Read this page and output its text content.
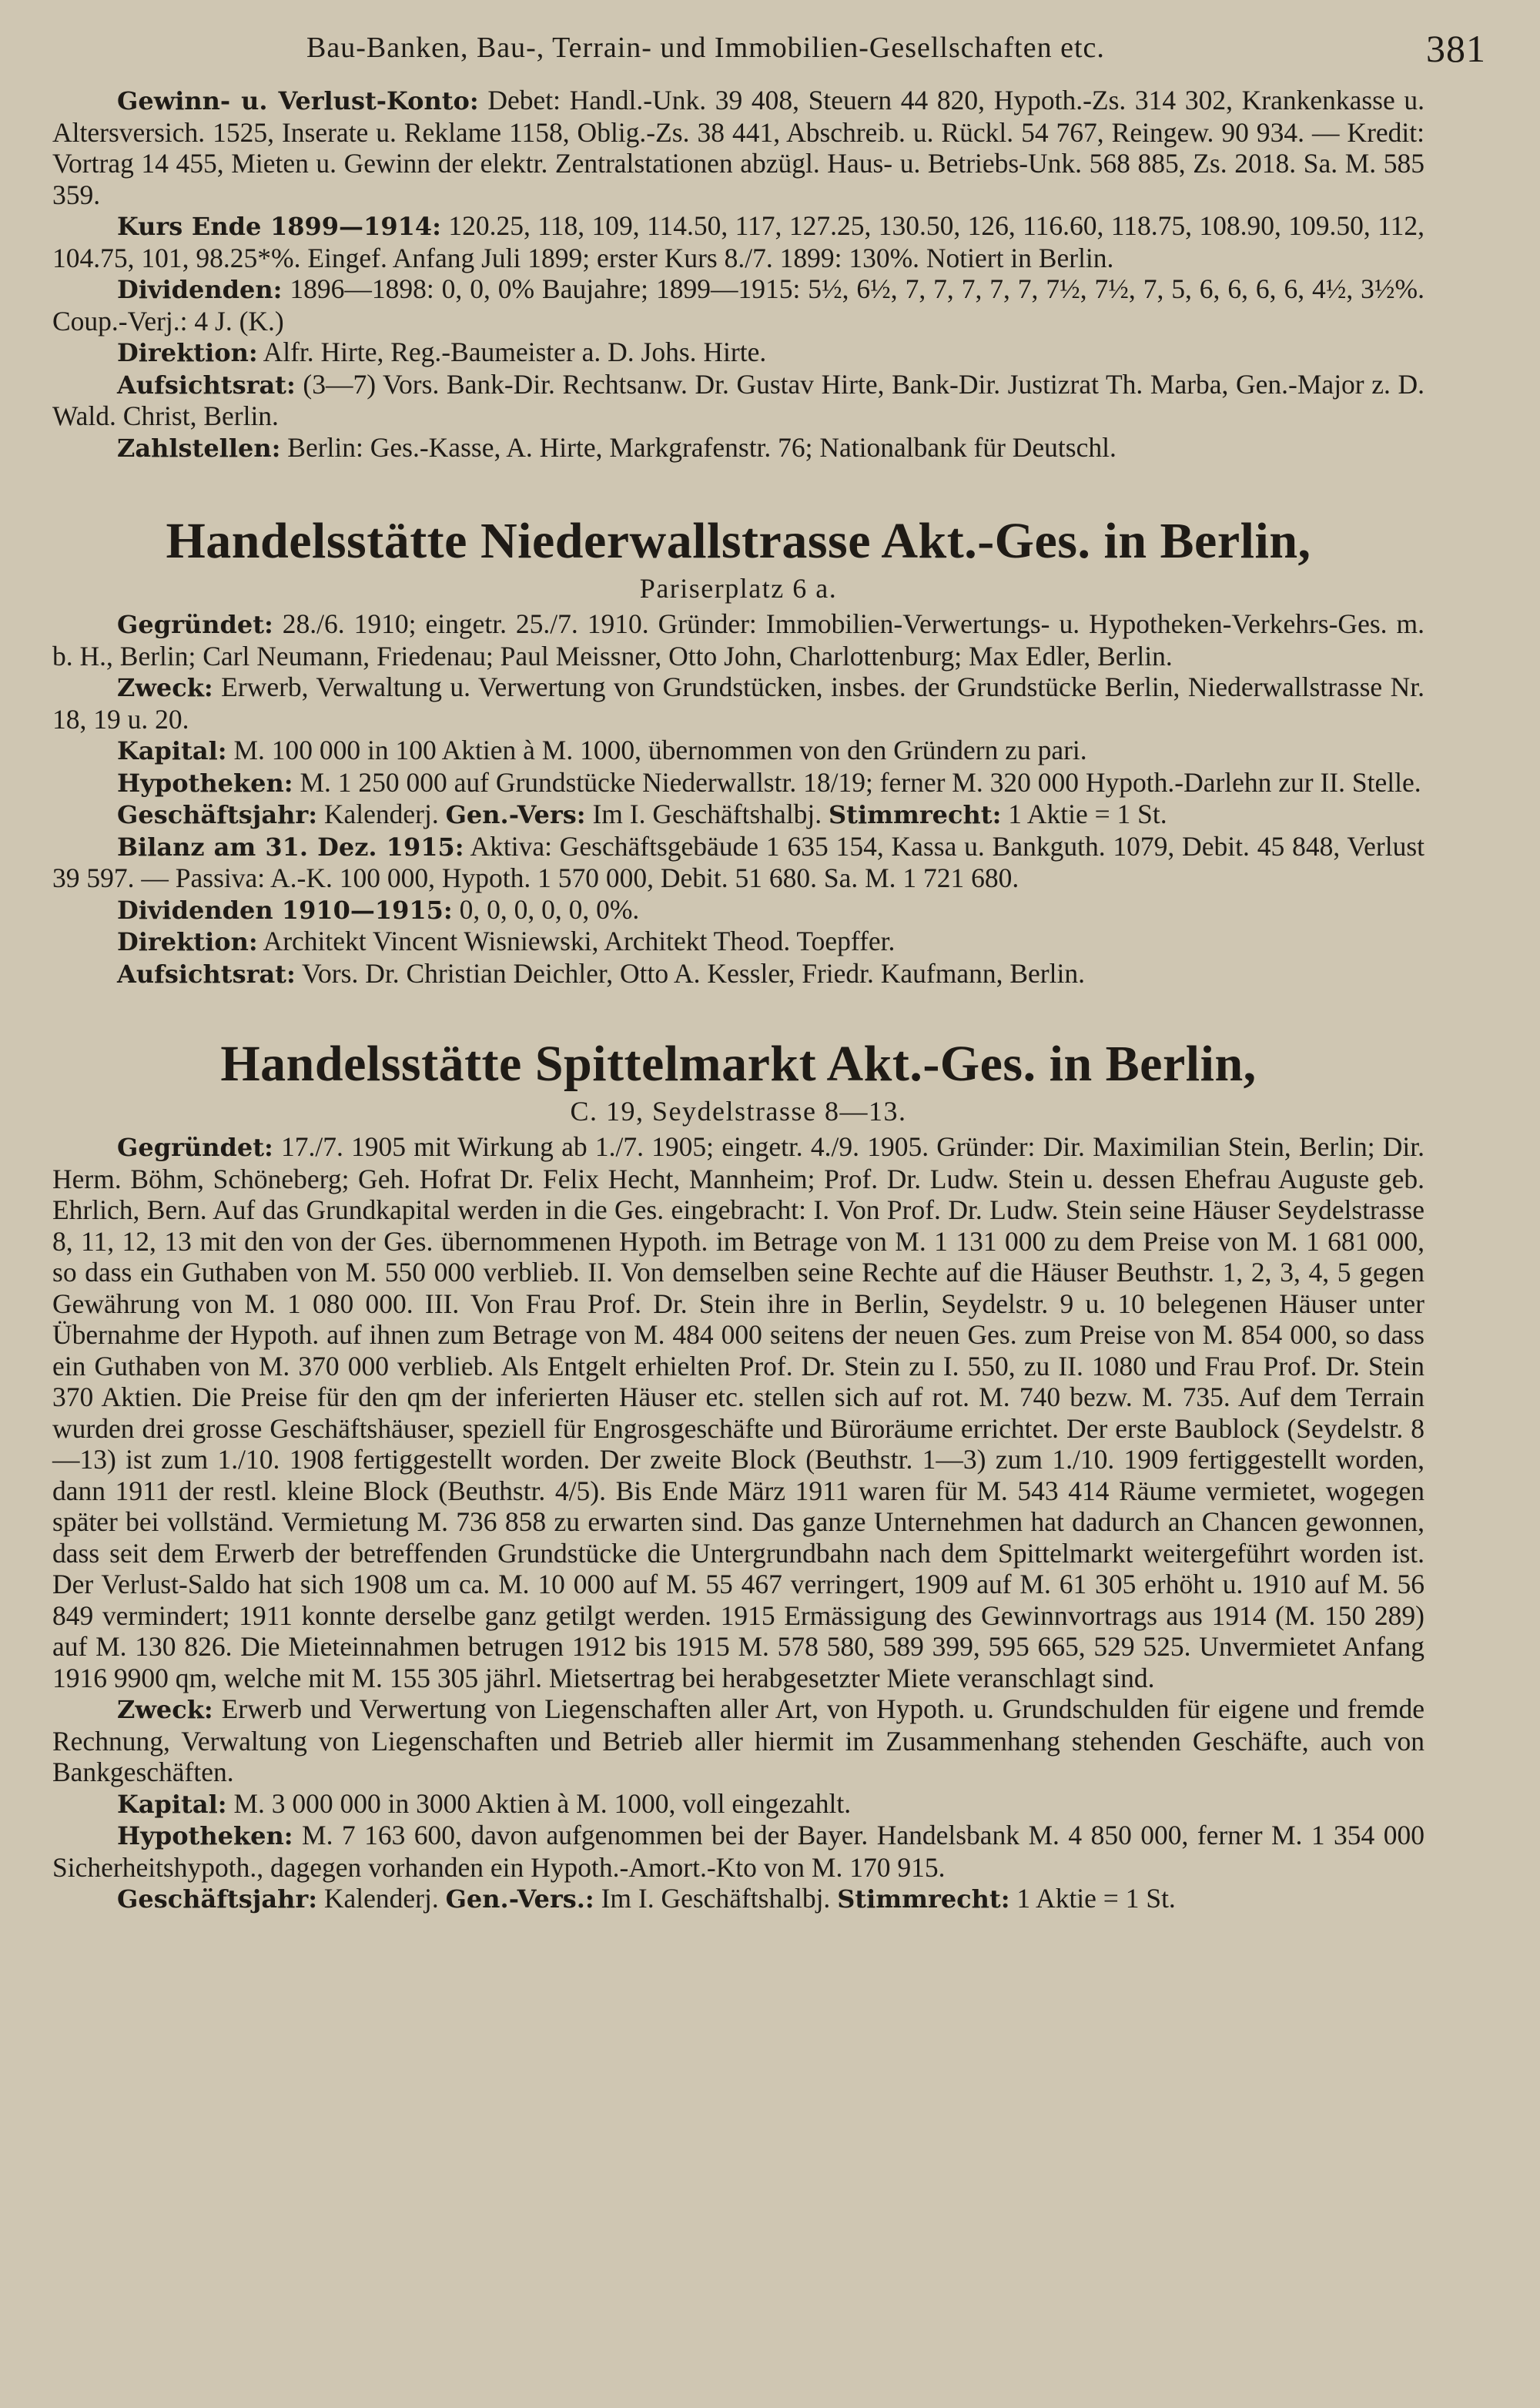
Bau-Banken, Bau-, Terrain- und Immobilien-Gesellschaften etc.	381

Gewinn- u. Verlust-Konto: Debet: Handl.-Unk. 39 408, Steuern 44 820, Hypoth.-Zs. 314 302, Krankenkasse u. Altersversich. 1525, Inserate u. Reklame 1158, Oblig.-Zs. 38 441, Abschreib. u. Rückl. 54 767, Reingew. 90 934. — Kredit: Vortrag 14 455, Mieten u. Gewinn der elektr. Zentralstationen abzügl. Haus- u. Betriebs-Unk. 568 885, Zs. 2018. Sa. M. 585 359.

Kurs Ende 1899—1914: 120.25, 118, 109, 114.50, 117, 127.25, 130.50, 126, 116.60, 118.75, 108.90, 109.50, 112, 104.75, 101, 98.25*%. Eingef. Anfang Juli 1899; erster Kurs 8./7. 1899: 130%. Notiert in Berlin.

Dividenden: 1896—1898: 0, 0, 0% Baujahre; 1899—1915: 5½, 6½, 7, 7, 7, 7, 7, 7½, 7½, 7, 5, 6, 6, 6, 6, 4½, 3½%. Coup.-Verj.: 4 J. (K.)

Direktion: Alfr. Hirte, Reg.-Baumeister a. D. Johs. Hirte.

Aufsichtsrat: (3—7) Vors. Bank-Dir. Rechtsanw. Dr. Gustav Hirte, Bank-Dir. Justizrat Th. Marba, Gen.-Major z. D. Wald. Christ, Berlin.

Zahlstellen: Berlin: Ges.-Kasse, A. Hirte, Markgrafenstr. 76; Nationalbank für Deutschl.

Handelsstätte Niederwallstrasse Akt.-Ges. in Berlin,
Pariserplatz 6 a.

Gegründet: 28./6. 1910; eingetr. 25./7. 1910. Gründer: Immobilien-Verwertungs- u. Hypotheken-Verkehrs-Ges. m. b. H., Berlin; Carl Neumann, Friedenau; Paul Meissner, Otto John, Charlottenburg; Max Edler, Berlin.

Zweck: Erwerb, Verwaltung u. Verwertung von Grundstücken, insbes. der Grundstücke Berlin, Niederwallstrasse Nr. 18, 19 u. 20.

Kapital: M. 100 000 in 100 Aktien à M. 1000, übernommen von den Gründern zu pari.

Hypotheken: M. 1 250 000 auf Grundstücke Niederwallstr. 18/19; ferner M. 320 000 Hypoth.-Darlehn zur II. Stelle.

Geschäftsjahr: Kalenderj. Gen.-Vers: Im I. Geschäftshalbj. Stimmrecht: 1 Aktie = 1 St.

Bilanz am 31. Dez. 1915: Aktiva: Geschäftsgebäude 1 635 154, Kassa u. Bankguth. 1079, Debit. 45 848, Verlust 39 597. — Passiva: A.-K. 100 000, Hypoth. 1 570 000, Debit. 51 680. Sa. M. 1 721 680.

Dividenden 1910—1915: 0, 0, 0, 0, 0, 0%.

Direktion: Architekt Vincent Wisniewski, Architekt Theod. Toepffer.

Aufsichtsrat: Vors. Dr. Christian Deichler, Otto A. Kessler, Friedr. Kaufmann, Berlin.

Handelsstätte Spittelmarkt Akt.-Ges. in Berlin,
C. 19, Seydelstrasse 8—13.

Gegründet: 17./7. 1905 mit Wirkung ab 1./7. 1905; eingetr. 4./9. 1905. Gründer: Dir. Maximilian Stein, Berlin; Dir. Herm. Böhm, Schöneberg; Geh. Hofrat Dr. Felix Hecht, Mannheim; Prof. Dr. Ludw. Stein u. dessen Ehefrau Auguste geb. Ehrlich, Bern. Auf das Grundkapital werden in die Ges. eingebracht: I. Von Prof. Dr. Ludw. Stein seine Häuser Seydelstrasse 8, 11, 12, 13 mit den von der Ges. übernommenen Hypoth. im Betrage von M. 1 131 000 zu dem Preise von M. 1 681 000, so dass ein Guthaben von M. 550 000 verblieb. II. Von demselben seine Rechte auf die Häuser Beuthstr. 1, 2, 3, 4, 5 gegen Gewährung von M. 1 080 000. III. Von Frau Prof. Dr. Stein ihre in Berlin, Seydelstr. 9 u. 10 belegenen Häuser unter Übernahme der Hypoth. auf ihnen zum Betrage von M. 484 000 seitens der neuen Ges. zum Preise von M. 854 000, so dass ein Guthaben von M. 370 000 verblieb. Als Entgelt erhielten Prof. Dr. Stein zu I. 550, zu II. 1080 und Frau Prof. Dr. Stein 370 Aktien. Die Preise für den qm der inferierten Häuser etc. stellen sich auf rot. M. 740 bezw. M. 735. Auf dem Terrain wurden drei grosse Geschäftshäuser, speziell für Engrosgeschäfte und Büroräume errichtet. Der erste Baublock (Seydelstr. 8—13) ist zum 1./10. 1908 fertiggestellt worden. Der zweite Block (Beuthstr. 1—3) zum 1./10. 1909 fertiggestellt worden, dann 1911 der restl. kleine Block (Beuthstr. 4/5). Bis Ende März 1911 waren für M. 543 414 Räume vermietet, wogegen später bei vollständ. Vermietung M. 736 858 zu erwarten sind. Das ganze Unternehmen hat dadurch an Chancen gewonnen, dass seit dem Erwerb der betreffenden Grundstücke die Untergrundbahn nach dem Spittelmarkt weitergeführt worden ist. Der Verlust-Saldo hat sich 1908 um ca. M. 10 000 auf M. 55 467 verringert, 1909 auf M. 61 305 erhöht u. 1910 auf M. 56 849 vermindert; 1911 konnte derselbe ganz getilgt werden. 1915 Ermässigung des Gewinnvortrags aus 1914 (M. 150 289) auf M. 130 826. Die Mieteinnahmen betrugen 1912 bis 1915 M. 578 580, 589 399, 595 665, 529 525. Unvermietet Anfang 1916 9900 qm, welche mit M. 155 305 jährl. Mietsertrag bei herabgesetzter Miete veranschlagt sind.

Zweck: Erwerb und Verwertung von Liegenschaften aller Art, von Hypoth. u. Grundschulden für eigene und fremde Rechnung, Verwaltung von Liegenschaften und Betrieb aller hiermit im Zusammenhang stehenden Geschäfte, auch von Bankgeschäften.

Kapital: M. 3 000 000 in 3000 Aktien à M. 1000, voll eingezahlt.

Hypotheken: M. 7 163 600, davon aufgenommen bei der Bayer. Handelsbank M. 4 850 000, ferner M. 1 354 000 Sicherheitshypoth., dagegen vorhanden ein Hypoth.-Amort.-Kto von M. 170 915.

Geschäftsjahr: Kalenderj. Gen.-Vers.: Im I. Geschäftshalbj. Stimmrecht: 1 Aktie = 1 St.
